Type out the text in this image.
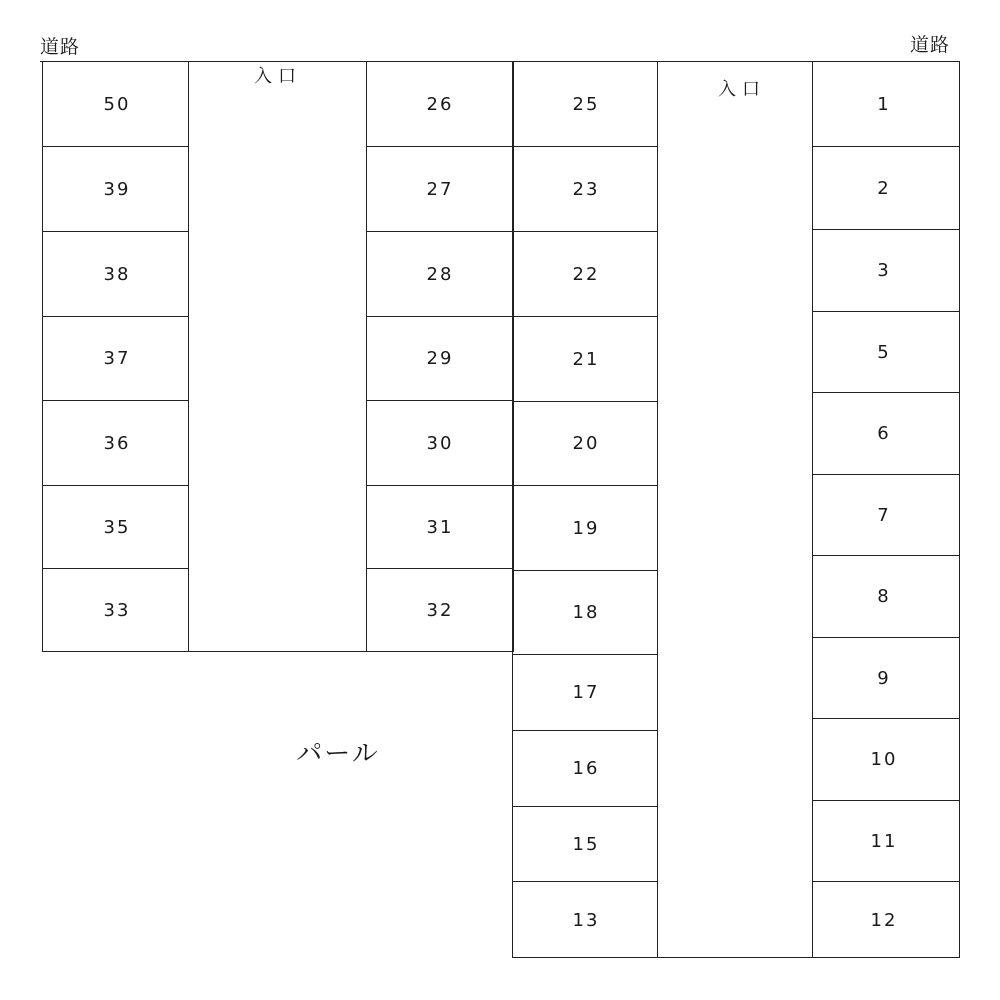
道路	道路
50
39
38
37
36
35
33
26
27
28
29
30
31
32
25
23
22
21
20
19
18
17
16
15
13
1
2
3
5
6
7
8
9
10
11
12
入口
入口
パール
